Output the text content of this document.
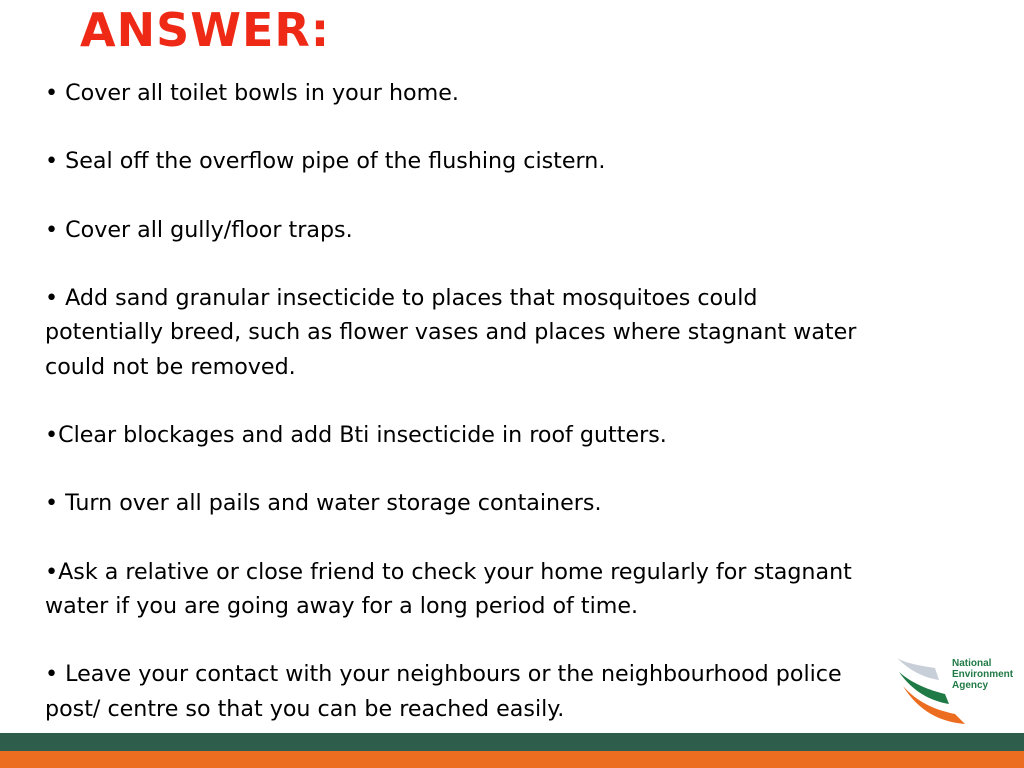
ANSWER:
• Cover all toilet bowls in your home.
• Seal off the overflow pipe of the flushing cistern.
• Cover all gully/floor traps.
• Add sand granular insecticide to places that mosquitoes could
potentially breed, such as flower vases and places where stagnant water
could not be removed.
•Clear blockages and add Bti insecticide in roof gutters.
• Turn over all pails and water storage containers.
•Ask a relative or close friend to check your home regularly for stagnant
water if you are going away for a long period of time.
• Leave your contact with your neighbours or the neighbourhood police
post/ centre so that you can be reached easily.
National
Environment
Agency
